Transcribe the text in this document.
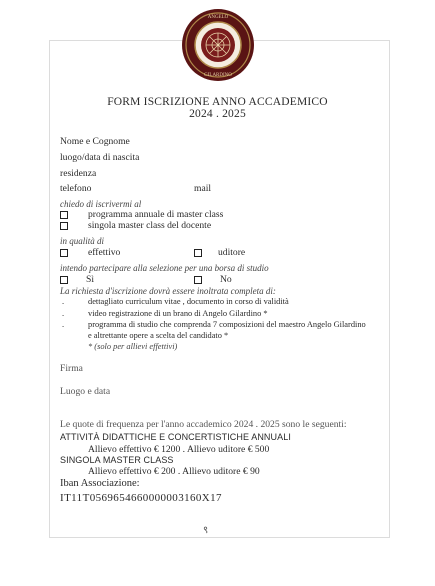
ANGELO
GILARDINO
FORM ISCRIZIONE ANNO ACCADEMICO
2024 . 2025
Nome e Cognome
luogo/data di nascita
residenza
telefono	mail
chiedo di iscrivermi al
programma annuale di master class
singola master class del docente
in qualità di
effettivo	uditore
intendo partecipare alla selezione per una borsa di studio
Sì	No
La richiesta d'iscrizione dovrà essere inoltrata completa di:
.	dettagliato curriculum vitae , documento in corso di validità
.	video registrazione di un brano di Angelo Gilardino *
.	programma di studio che comprenda 7 composizioni del maestro Angelo Gilardino
e altrettante opere a scelta del candidato *
* (solo per allievi effettivi)
Firma
Luogo e data
Le quote di frequenza per l'anno accademico 2024 . 2025 sono le seguenti:
ATTIVITÀ DIDATTICHE E CONCERTISTICHE ANNUALI
Allievo effettivo € 1200 . Allievo uditore € 500
SINGOLA MASTER CLASS
Allievo effettivo € 200 . Allievo uditore € 90
Iban Associazione:
IT11T0569654660000003160X17
९
